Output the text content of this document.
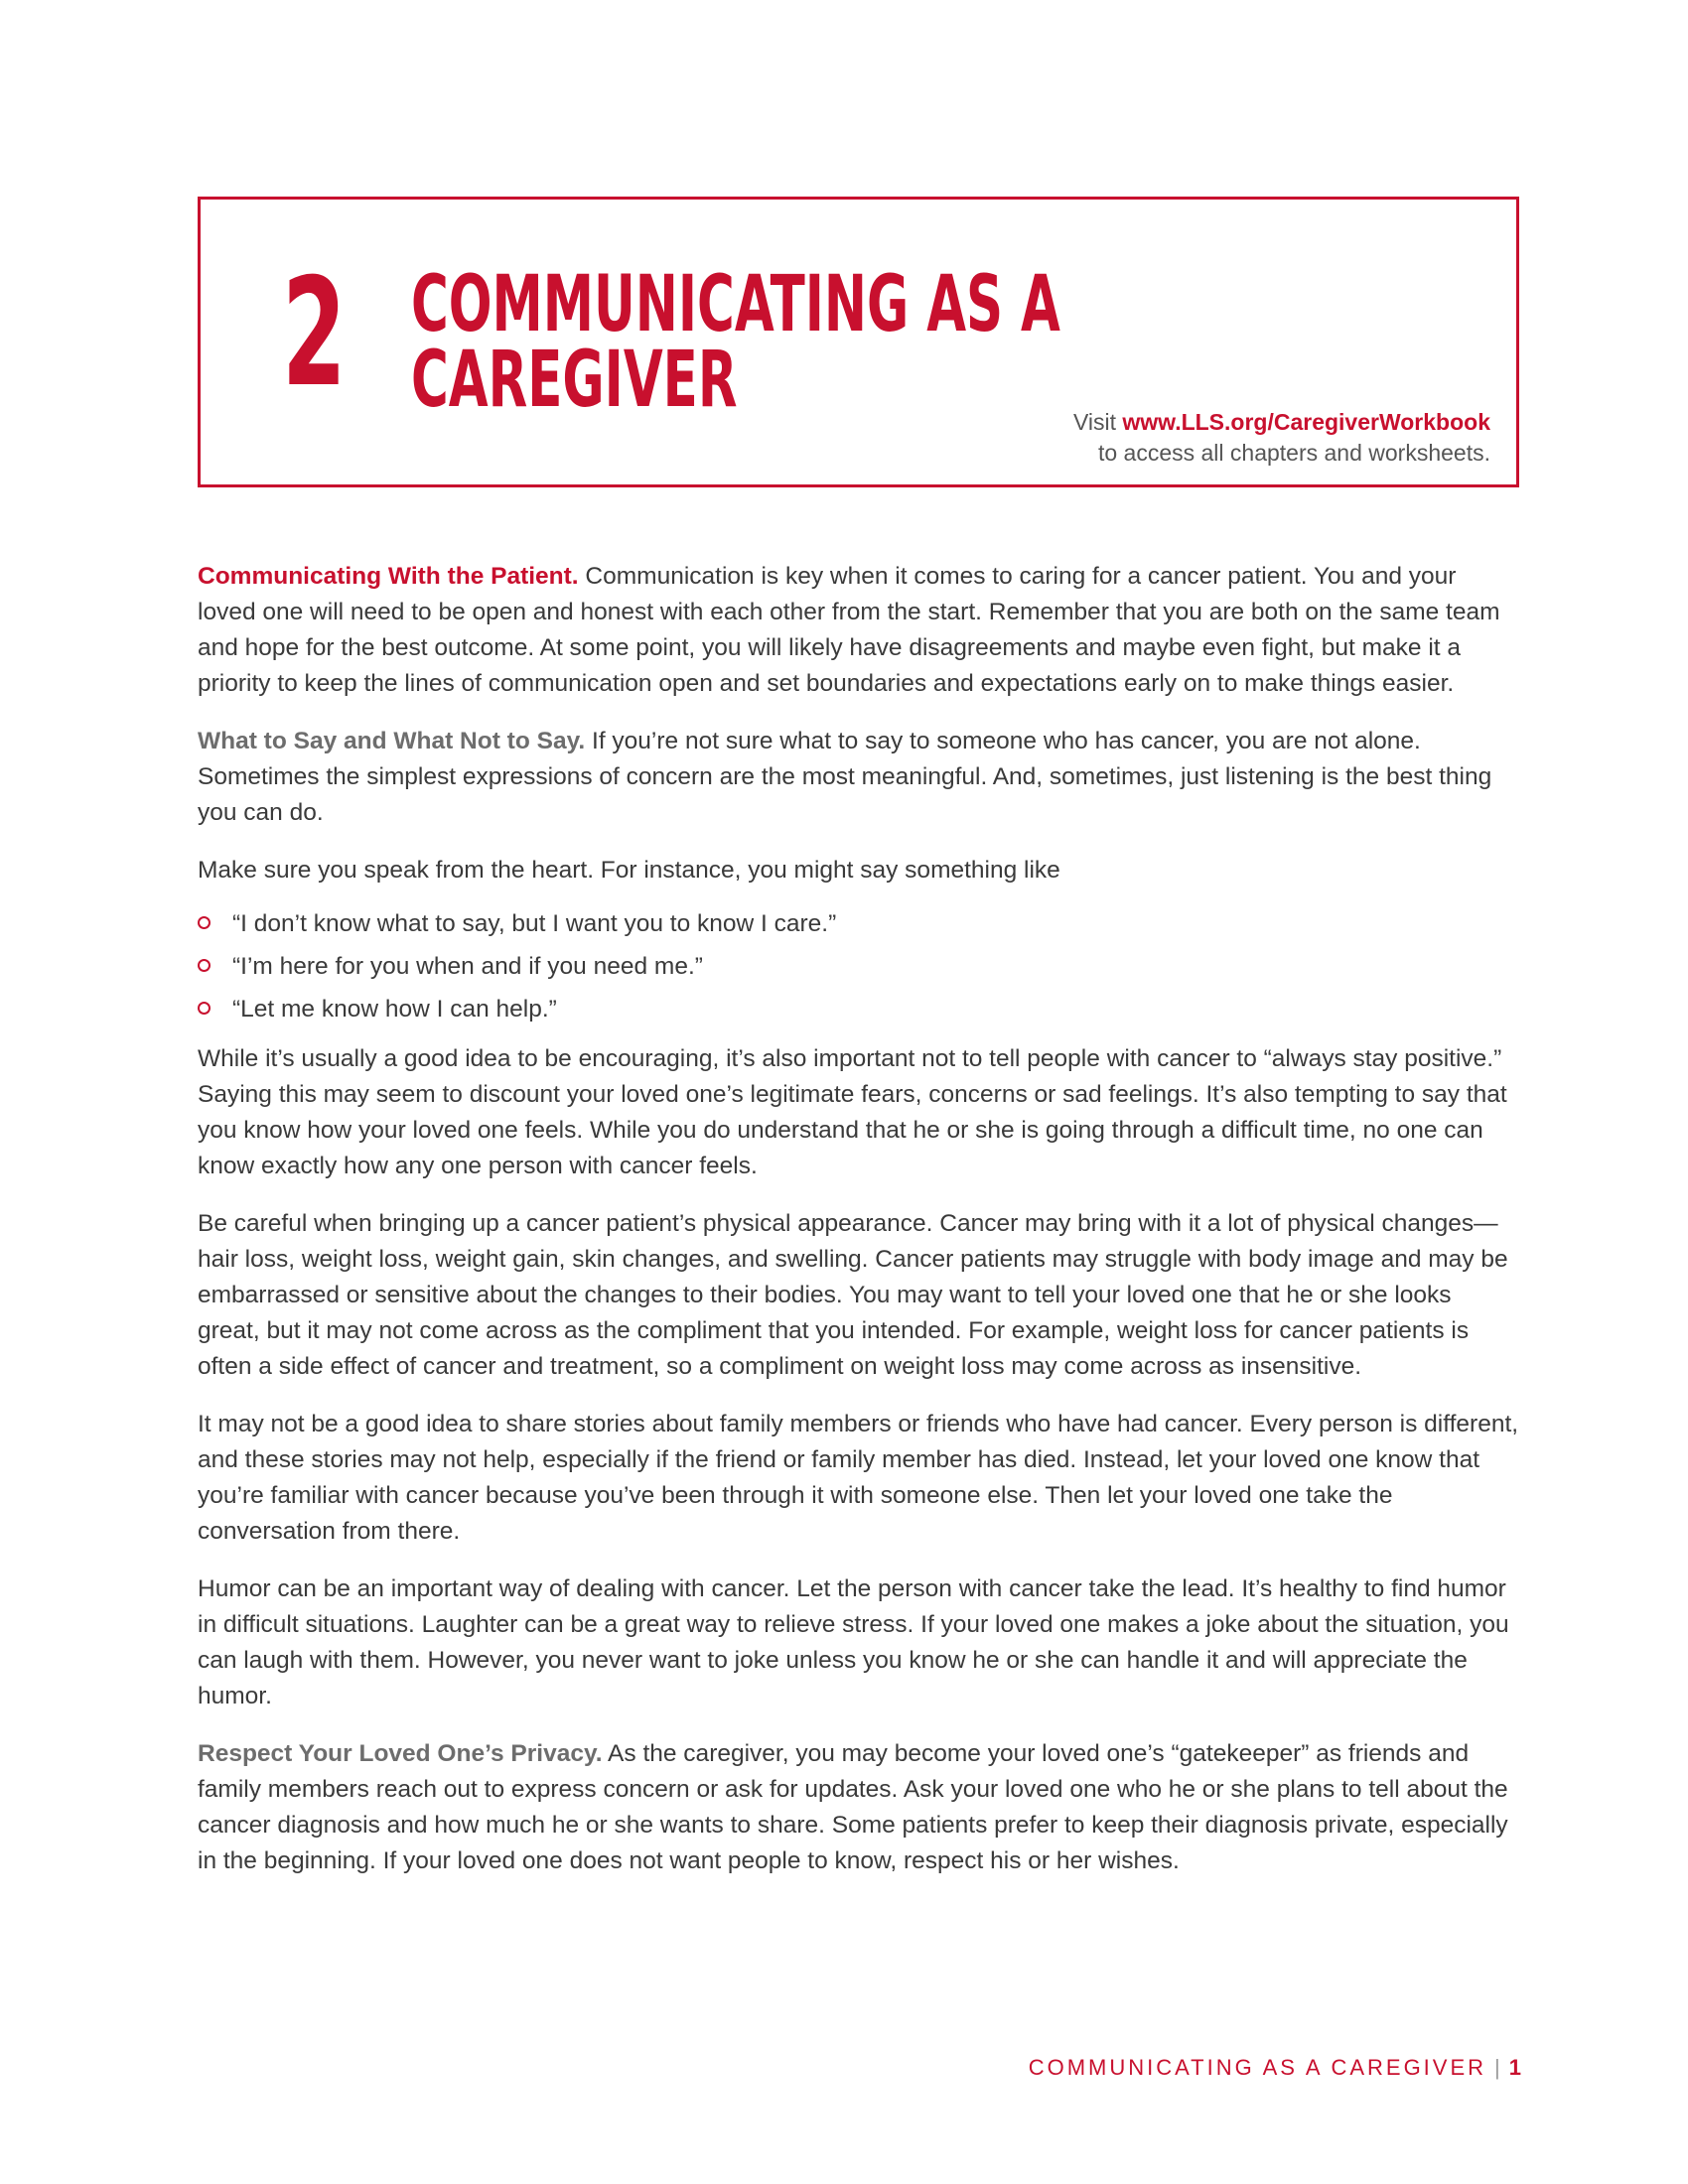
2 COMMUNICATING AS A
CAREGIVER	Visit www.LLS.org/CaregiverWorkbook
to access all chapters and worksheets.

Communicating With the Patient. Communication is key when it comes to caring for a cancer patient. You and your loved one will need to be open and honest with each other from the start. Remember that you are both on the same team and hope for the best outcome. At some point, you will likely have disagreements and maybe even fight, but make it a priority to keep the lines of communication open and set boundaries and expectations early on to make things easier.

What to Say and What Not to Say. If you’re not sure what to say to someone who has cancer, you are not alone. Sometimes the simplest expressions of concern are the most meaningful. And, sometimes, just listening is the best thing you can do.

Make sure you speak from the heart. For instance, you might say something like

“I don’t know what to say, but I want you to know I care.”
“I’m here for you when and if you need me.”
“Let me know how I can help.”

While it’s usually a good idea to be encouraging, it’s also important not to tell people with cancer to “always stay positive.” Saying this may seem to discount your loved one’s legitimate fears, concerns or sad feelings. It’s also tempting to say that you know how your loved one feels. While you do understand that he or she is going through a difficult time, no one can know exactly how any one person with cancer feels.

Be careful when bringing up a cancer patient’s physical appearance. Cancer may bring with it a lot of physical changes—hair loss, weight loss, weight gain, skin changes, and swelling. Cancer patients may struggle with body image and may be embarrassed or sensitive about the changes to their bodies. You may want to tell your loved one that he or she looks great, but it may not come across as the compliment that you intended. For example, weight loss for cancer patients is often a side effect of cancer and treatment, so a compliment on weight loss may come across as insensitive.

It may not be a good idea to share stories about family members or friends who have had cancer. Every person is different, and these stories may not help, especially if the friend or family member has died. Instead, let your loved one know that you’re familiar with cancer because you’ve been through it with someone else. Then let your loved one take the conversation from there.

Humor can be an important way of dealing with cancer. Let the person with cancer take the lead. It’s healthy to find humor in difficult situations. Laughter can be a great way to relieve stress. If your loved one makes a joke about the situation, you can laugh with them. However, you never want to joke unless you know he or she can handle it and will appreciate the humor.

Respect Your Loved One’s Privacy. As the caregiver, you may become your loved one’s “gatekeeper” as friends and family members reach out to express concern or ask for updates. Ask your loved one who he or she plans to tell about the cancer diagnosis and how much he or she wants to share. Some patients prefer to keep their diagnosis private, especially in the beginning. If your loved one does not want people to know, respect his or her wishes.

COMMUNICATING AS A CAREGIVER | 1
